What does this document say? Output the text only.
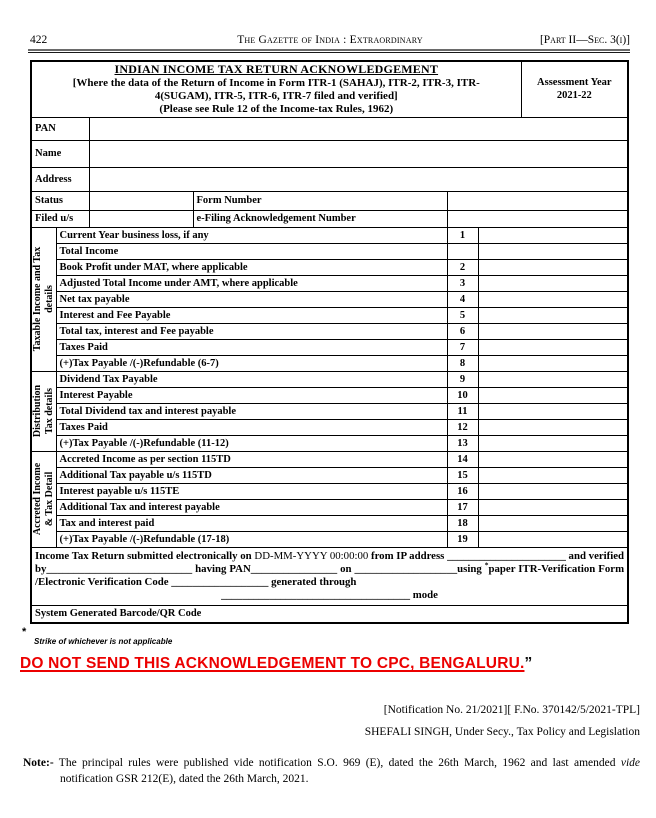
422	The Gazette of India : Extraordinary	[Part II—Sec. 3(i)]
INDIAN INCOME TAX RETURN ACKNOWLEDGEMENT
[Where the data of the Return of Income in Form ITR-1 (SAHAJ), ITR-2, ITR-3, ITR-4(SUGAM), ITR-5, ITR-6, ITR-7 filed and verified]
(Please see Rule 12 of the Income-tax Rules, 1962)

Assessment Year
2021-22

PAN						
Name						
Address						
Status			Form Number			
Filed u/s			e-Filing Acknowledgement Number			

Taxable Income and Tax
details	Current Year business loss, if any			1		
	Total Income					
	Book Profit under MAT, where applicable			2		
	Adjusted Total Income under AMT, where applicable			3		
	Net tax payable			4		
	Interest and Fee Payable			5		
	Total tax, interest and Fee payable			6		
	Taxes Paid			7		
	(+)Tax Payable /(-)Refundable (6-7)			8		

Distribution
Tax details	Dividend Tax Payable			9		
	Interest Payable			10		
	Total Dividend tax and interest payable			11		
	Taxes Paid			12		
	(+)Tax Payable /(-)Refundable (11-12)			13		

Accreted Income
& Tax Detail	Accreted Income as per section 115TD			14		
	Additional Tax payable u/s 115TD			15		
	Interest payable u/s 115TE			16		
	Additional Tax and interest payable			17		
	Tax and interest paid			18		
	(+)Tax Payable /(-)Refundable (17-18)			19		

Income Tax Return submitted electronically on DD-MM-YYYY 00:00:00 from IP address ______________________ and verified by___________________________ having PAN________________ on ___________________using *paper ITR-Verification Form /Electronic Verification Code __________________ generated through
___________________________________ mode						

System Generated Barcode/QR Code						
*
Strike of whichever is not applicable
DO NOT SEND THIS ACKNOWLEDGEMENT TO CPC, BENGALURU.”
[Notification No. 21/2021][ F.No. 370142/5/2021-TPL]
SHEFALI SINGH, Under Secy., Tax Policy and Legislation
Note:- The principal rules were published vide notification S.O. 969 (E), dated the 26th March, 1962 and last amended vide notification GSR 212(E), dated the 26th March, 2021.
